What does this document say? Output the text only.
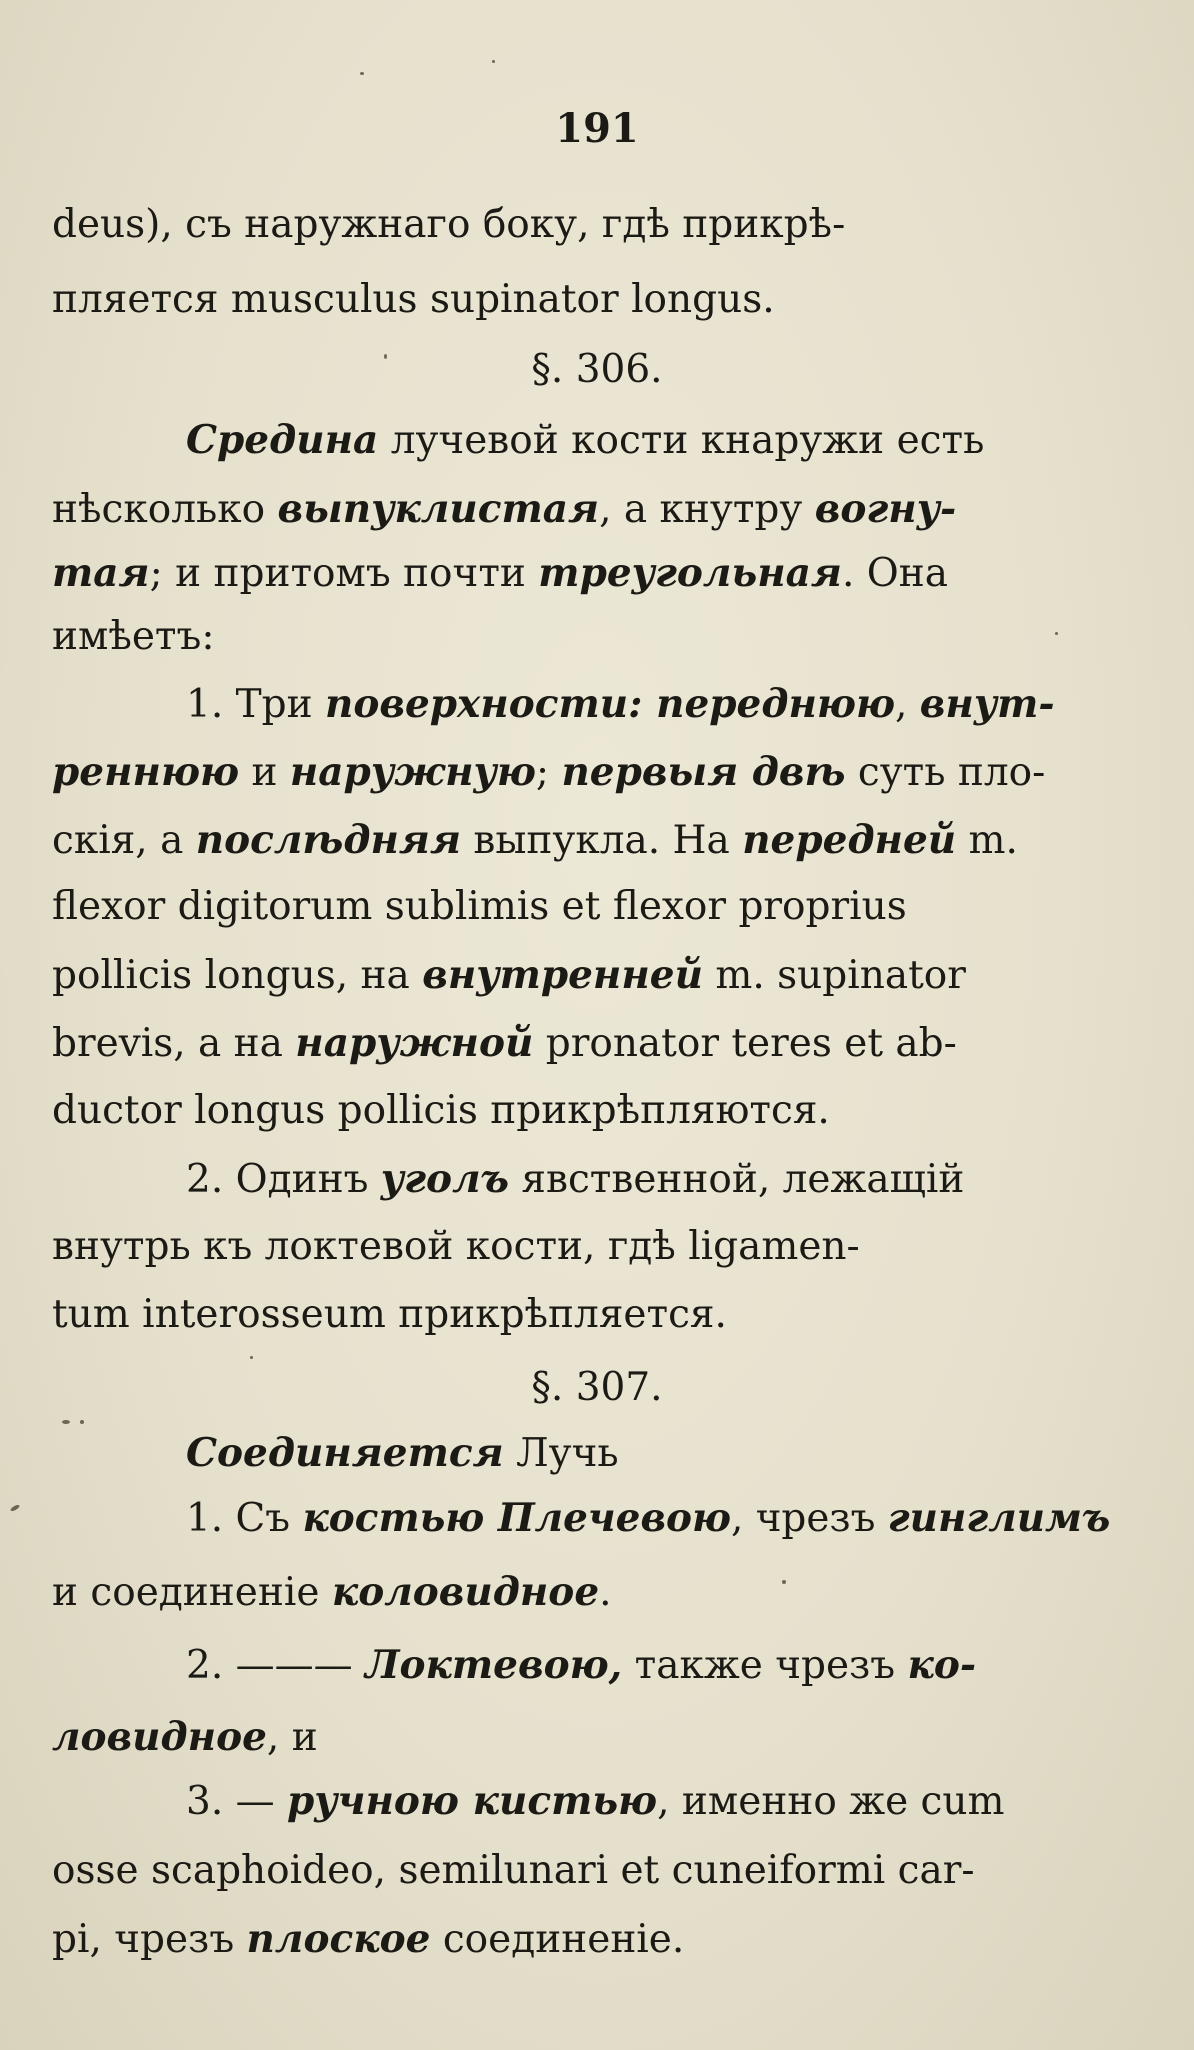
191
deus), съ наружнаго боку, гдѣ прикрѣ-
пляется musculus supinator longus.
§. 306.
Средина лучевой кости кнаружи есть
нѣсколько выпуклистая, а кнутру вогну-
тая; и притомъ почти треугольная. Она
имѣетъ:
1. Три поверхности: переднюю, внут-
реннюю и наружную; первыя двѣ суть пло-
скія, а послѣдняя выпукла. На передней m.
flexor digitorum sublimis et flexor proprius
pollicis longus, на внутренней m. supinator
brevis, а на наружной pronator teres et ab-
ductor longus pollicis прикрѣпляются.
2. Одинъ уголъ явственной, лежащій
внутрь къ локтевой кости, гдѣ ligamen-
tum interosseum прикрѣпляется.
§. 307.
Соединяется Лучь
1. Съ костью Плечевою, чрезъ гинглимъ
и соединеніе коловидное.
2. ——— Локтевою, также чрезъ ко-
ловидное, и
3. — ручною кистью, именно же cum
osse scaphoideo, semilunari et cuneiformi car-
pi, чрезъ плоское соединеніе.
